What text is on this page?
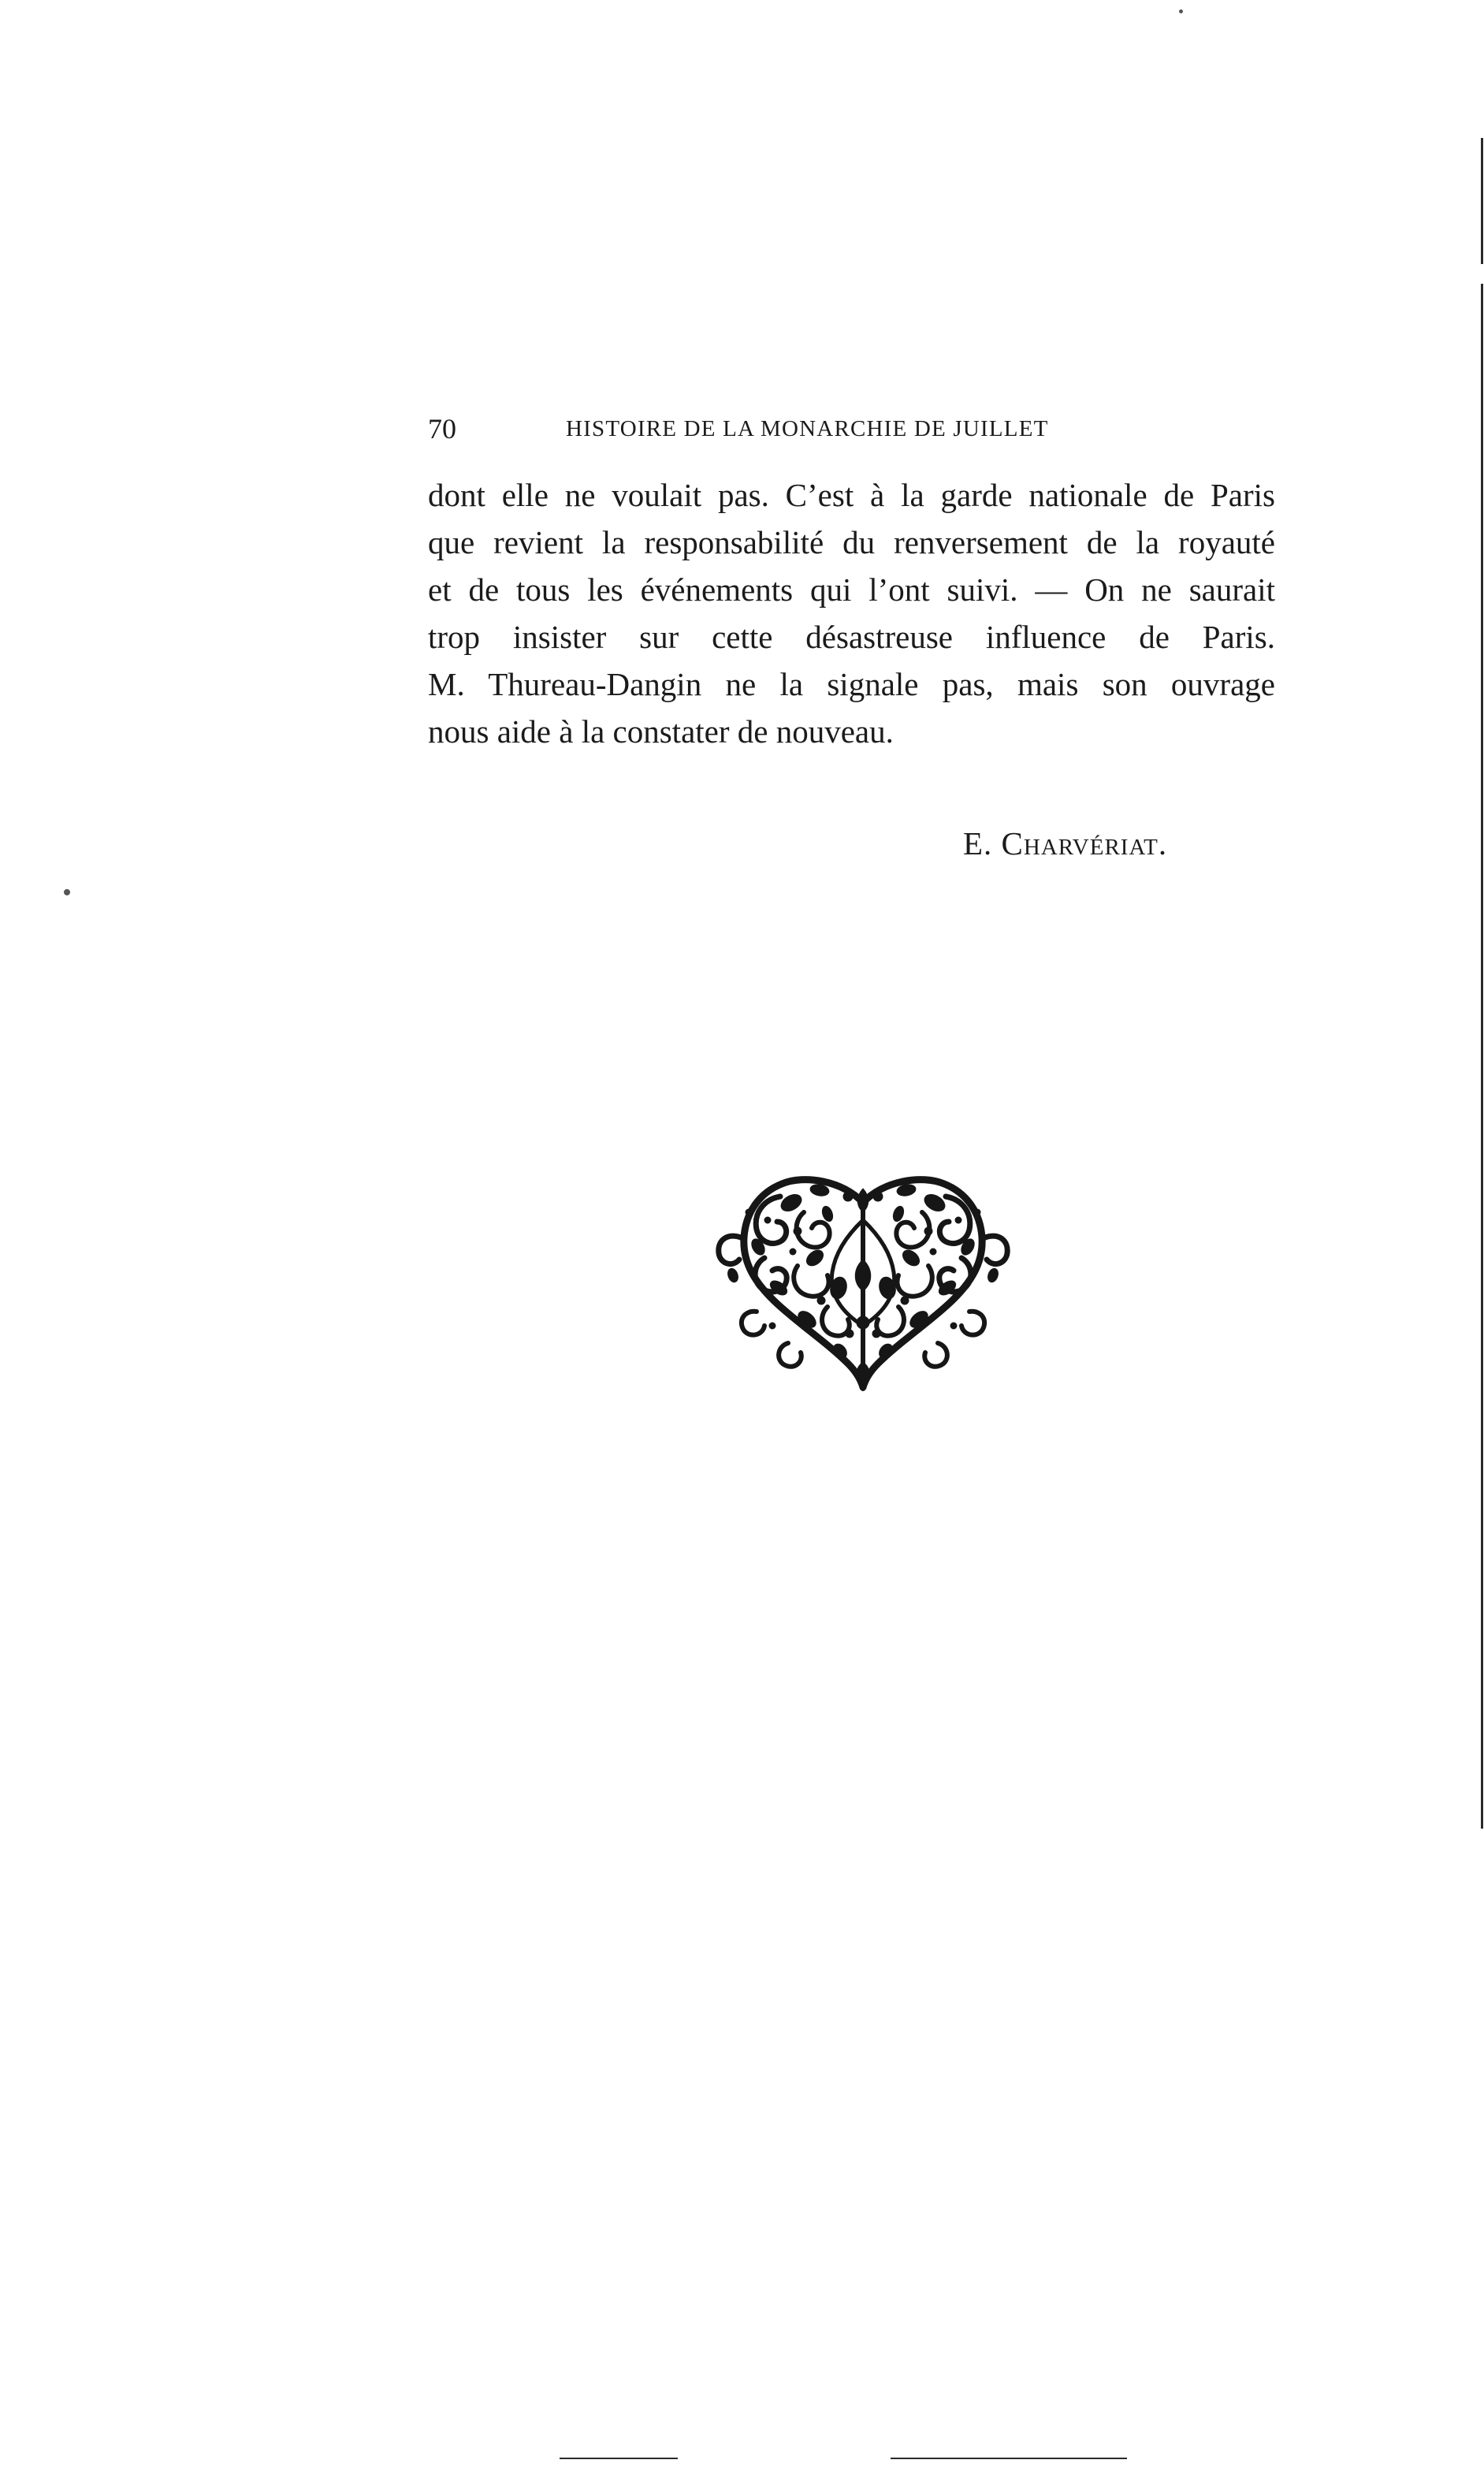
70	HISTOIRE DE LA MONARCHIE DE JUILLET
dont elle ne voulait pas. C’est à la garde nationale de Paris
que revient la responsabilité du renversement de la royauté
et de tous les événements qui l’ont suivi. — On ne saurait
trop insister sur cette désastreuse influence de Paris.
M. Thureau-Dangin ne la signale pas, mais son ouvrage
nous aide à la constater de nouveau.
E. Charvériat.
